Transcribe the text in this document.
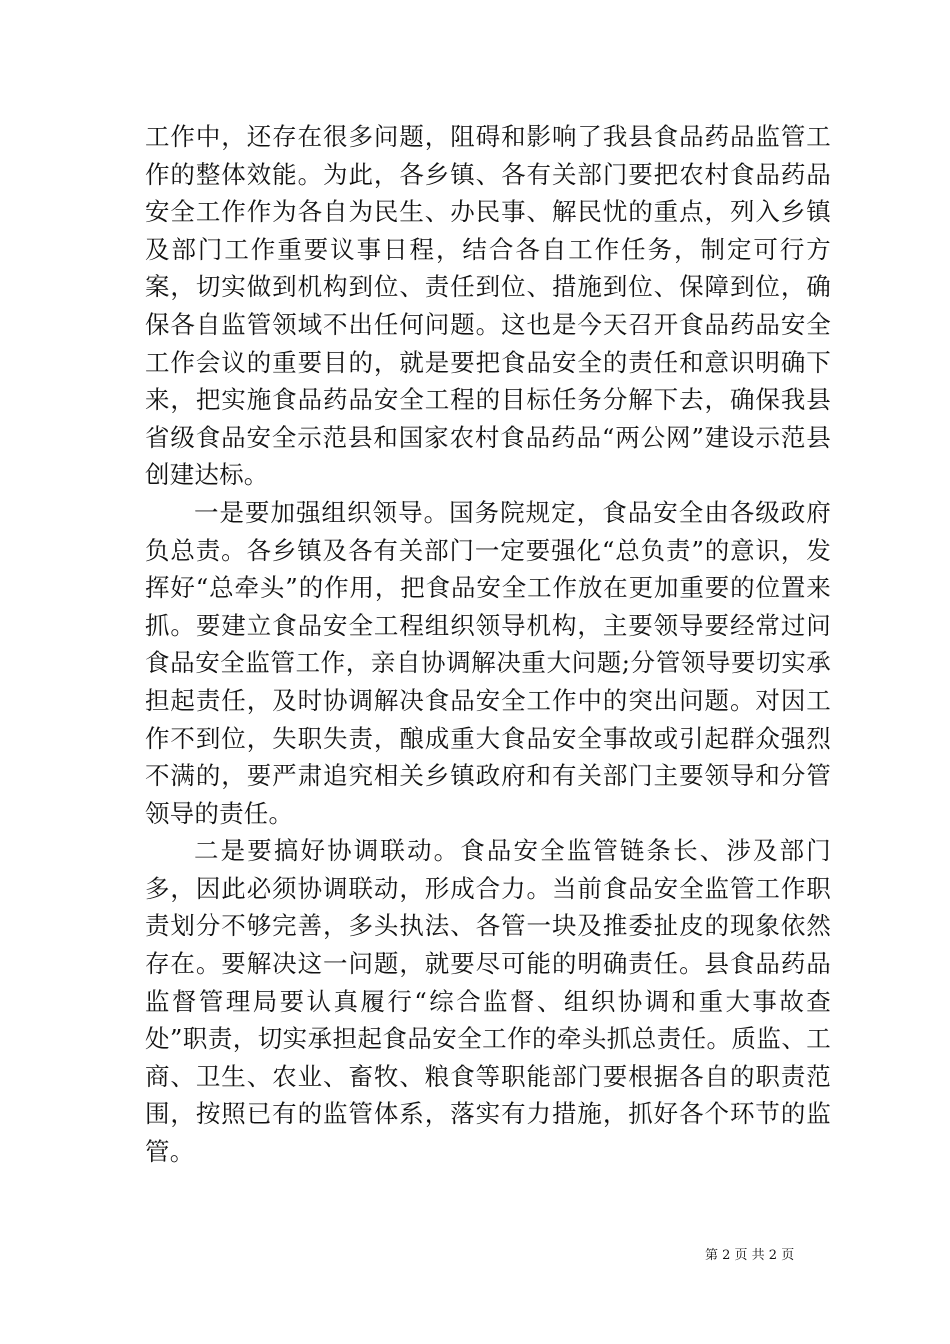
工作中，还存在很多问题，阻碍和影响了我县食品药品监管工作的整体效能。为此，各乡镇、各有关部门要把农村食品药品安全工作作为各自为民生、办民事、解民忧的重点，列入乡镇及部门工作重要议事日程，结合各自工作任务，制定可行方案，切实做到机构到位、责任到位、措施到位、保障到位，确保各自监管领域不出任何问题。这也是今天召开食品药品安全工作会议的重要目的，就是要把食品安全的责任和意识明确下来，把实施食品药品安全工程的目标任务分解下去，确保我县省级食品安全示范县和国家农村食品药品“两公网”建设示范县创建达标。

一是要加强组织领导。国务院规定，食品安全由各级政府负总责。各乡镇及各有关部门一定要强化“总负责”的意识，发挥好“总牵头”的作用，把食品安全工作放在更加重要的位置来抓。要建立食品安全工程组织领导机构，主要领导要经常过问食品安全监管工作，亲自协调解决重大问题;分管领导要切实承担起责任，及时协调解决食品安全工作中的突出问题。对因工作不到位，失职失责，酿成重大食品安全事故或引起群众强烈不满的，要严肃追究相关乡镇政府和有关部门主要领导和分管领导的责任。

二是要搞好协调联动。食品安全监管链条长、涉及部门多，因此必须协调联动，形成合力。当前食品安全监管工作职责划分不够完善，多头执法、各管一块及推委扯皮的现象依然存在。要解决这一问题，就要尽可能的明确责任。县食品药品监督管理局要认真履行“综合监督、组织协调和重大事故查处”职责，切实承担起食品安全工作的牵头抓总责任。质监、工商、卫生、农业、畜牧、粮食等职能部门要根据各自的职责范围，按照已有的监管体系，落实有力措施，抓好各个环节的监管。

第 2 页 共 2 页
